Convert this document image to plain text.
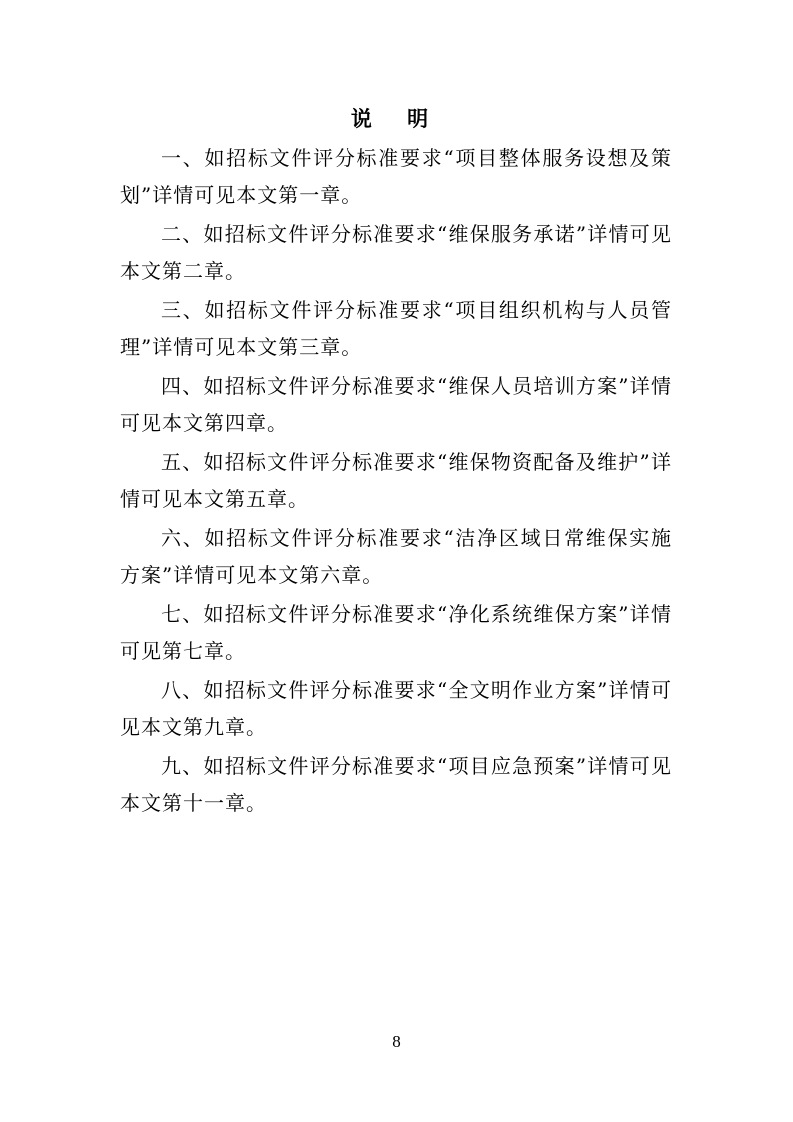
说 明

一、如招标文件评分标准要求“项目整体服务设想及策划”详情可见本文第一章。

二、如招标文件评分标准要求“维保服务承诺”详情可见本文第二章。

三、如招标文件评分标准要求“项目组织机构与人员管理”详情可见本文第三章。

四、如招标文件评分标准要求“维保人员培训方案”详情可见本文第四章。

五、如招标文件评分标准要求“维保物资配备及维护”详情可见本文第五章。

六、如招标文件评分标准要求“洁净区域日常维保实施方案”详情可见本文第六章。

七、如招标文件评分标准要求“净化系统维保方案”详情可见第七章。

八、如招标文件评分标准要求“全文明作业方案”详情可见本文第九章。

九、如招标文件评分标准要求“项目应急预案”详情可见本文第十一章。

8
